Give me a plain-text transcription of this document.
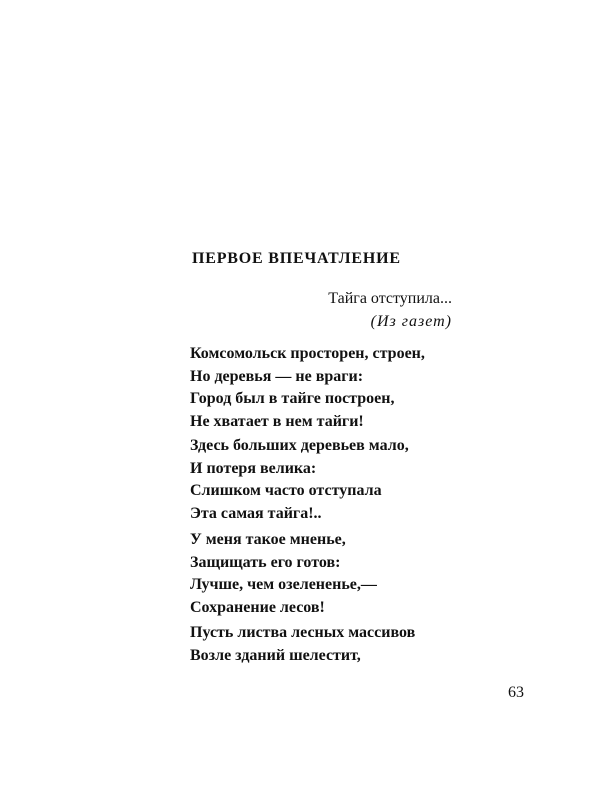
ПЕРВОЕ ВПЕЧАТЛЕНИЕ
Тайга отступила...
(Из газет)
Комсомольск просторен, строен,
Но деревья — не враги:
Город был в тайге построен,
Не хватает в нем тайги!
Здесь больших деревьев мало,
И потеря велика:
Слишком часто отступала
Эта самая тайга!..
У меня такое мненье,
Защищать его готов:
Лучше, чем озелененье,—
Сохранение лесов!
Пусть листва лесных массивов
Возле зданий шелестит,
63
